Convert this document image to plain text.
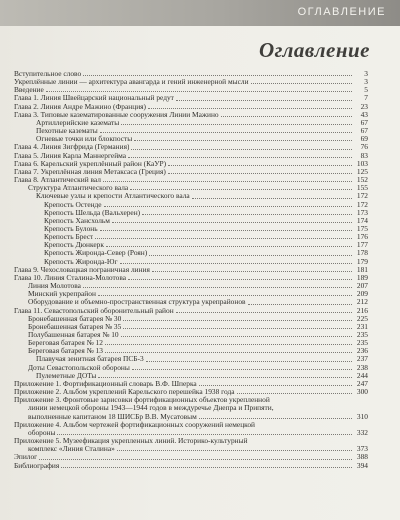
ОГЛАВЛЕНИЕ
Оглавление
Вступительное слово	3
Укреплённые линии — архитектура авангарда и гений инженерной мысли	3
Введение	5
Глава 1. Линия Швейцарский национальный редут	7
Глава 2. Линия Андре Мажино (Франция)	23
Глава 3. Типовые казематированные сооружения Линии Мажино	43
Артиллерийские казематы	67
Пехотные казематы	67
Огневые точки или блокпосты	69
Глава 4. Линия Зигфрида (Германия)	76
Глава 5. Линия Карла Маннергейма	83
Глава 6. Карельский укреплённый район (КаУР)	103
Глава 7. Укреплённая линия Метаксаса (Греция)	125
Глава 8. Атлантический вал	152
Структура Атлантического вала	155
Ключевые узлы и крепости Атлантического вала	172
Крепость Остенде	172
Крепость Шельда (Вальхерен)	173
Крепость Хансхольм	174
Крепость Булонь	175
Крепость Брест	176
Крепость Дюнкерк	177
Крепость Жиронда-Север (Роян)	178
Крепость Жиронда-Юг	179
Глава 9. Чехословацкая пограничная линия	181
Глава 10. Линия Сталина-Молотова	189
Линия Молотова	207
Минский укрепрайон	209
Оборудование и объемно-пространственная структура укрепрайонов	212
Глава 11. Севастопольский оборонительный район	216
Бронебашенная батарея № 30	225
Бронебашенная батарея № 35	231
Полубашенная батарея № 10	235
Береговая батарея № 12	235
Береговая батарея № 13	236
Плавучая зенитная батарея ПСБ-3	237
Доты Севастопольской обороны	238
Пулеметные ДОТы	244
Приложение 1. Фортификационный словарь В.Ф. Шперка	247
Приложение 2. Альбом укреплений Карельского перешейка 1938 года	300
Приложение 3. Фронтовые зарисовки фортификационных объектов укрепленной
линии немецкой обороны 1943—1944 годов в междуречье Днепра и Припяти,
выполненные капитаном 18 ШИСБр В.В. Мусатовым	310
Приложение 4. Альбом чертежей фортификационных сооружений немецкой
обороны	332
Приложение 5. Музеефикация укрепленных линий. Историко-культурный
комплекс «Линия Сталина»	373
Эпилог	388
Библиография	394
